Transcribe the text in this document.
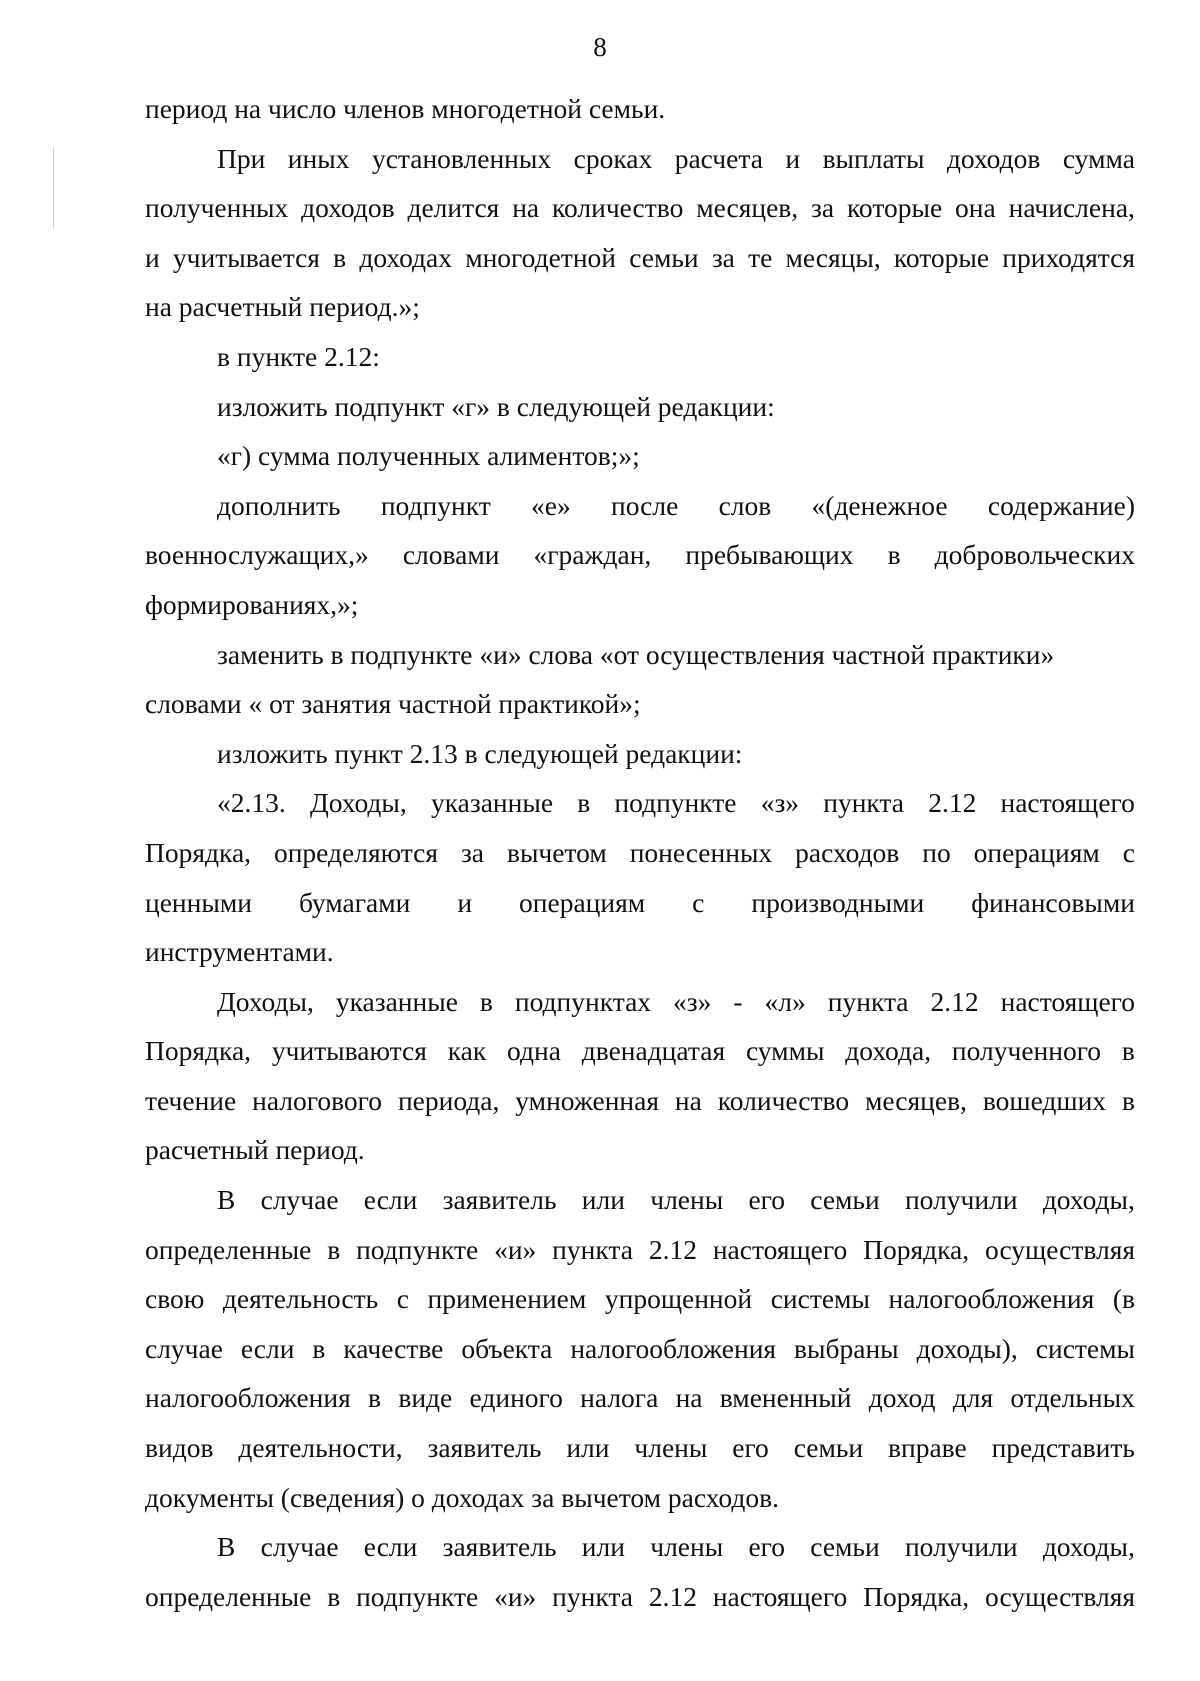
8
период на число членов многодетной семьи.
При иных установленных сроках расчета и выплаты доходов сумма
полученных доходов делится на количество месяцев, за которые она начислена,
и учитывается в доходах многодетной семьи за те месяцы, которые приходятся
на расчетный период.»;
в пункте 2.12:
изложить подпункт «г» в следующей редакции:
«г) сумма полученных алиментов;»;
дополнить подпункт «е» после слов «(денежное содержание)
военнослужащих,» словами «граждан, пребывающих в добровольческих
формированиях,»;
заменить в подпункте «и» слова «от осуществления частной практики»
словами « от занятия частной практикой»;
изложить пункт 2.13 в следующей редакции:
«2.13. Доходы, указанные в подпункте «з» пункта 2.12 настоящего
Порядка, определяются за вычетом понесенных расходов по операциям с
ценными бумагами и операциям с производными финансовыми
инструментами.
Доходы, указанные в подпунктах «з» - «л» пункта 2.12 настоящего
Порядка, учитываются как одна двенадцатая суммы дохода, полученного в
течение налогового периода, умноженная на количество месяцев, вошедших в
расчетный период.
В случае если заявитель или члены его семьи получили доходы,
определенные в подпункте «и» пункта 2.12 настоящего Порядка, осуществляя
свою деятельность с применением упрощенной системы налогообложения (в
случае если в качестве объекта налогообложения выбраны доходы), системы
налогообложения в виде единого налога на вмененный доход для отдельных
видов деятельности, заявитель или члены его семьи вправе представить
документы (сведения) о доходах за вычетом расходов.
В случае если заявитель или члены его семьи получили доходы,
определенные в подпункте «и» пункта 2.12 настоящего Порядка, осуществляя
